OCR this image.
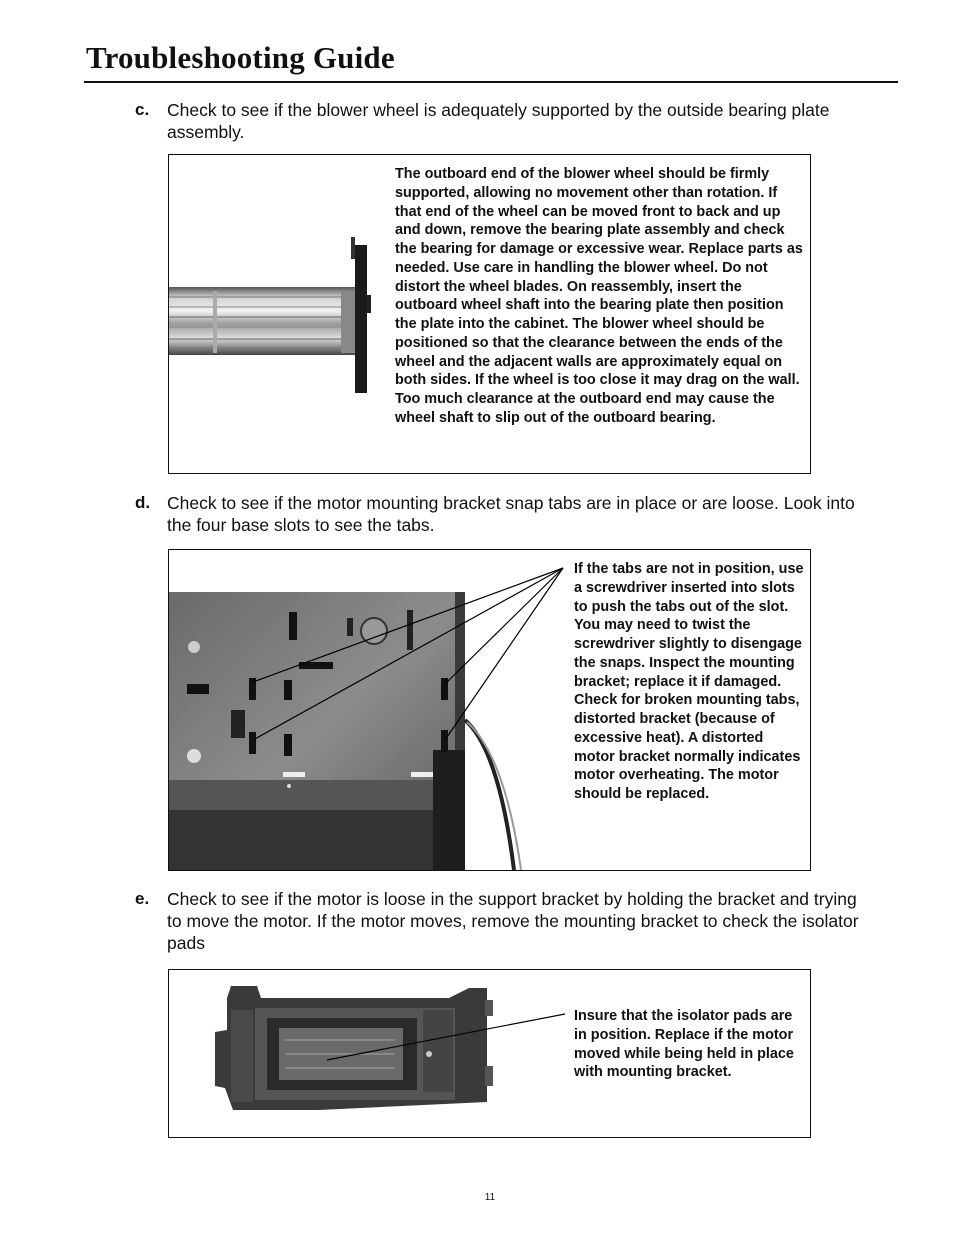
Troubleshooting Guide
c. Check to see if the blower wheel is adequately supported by the outside bearing plate assembly.
The outboard end of the blower wheel should be firmly supported, allowing no movement other than rotation. If that end of the wheel can be moved front to back and up and down, remove the bearing plate assembly and check the bearing for damage or excessive wear. Replace parts as needed. Use care in handling the blower wheel. Do not distort the wheel blades. On reassembly, insert the outboard wheel shaft into the bearing plate then position the plate into the cabinet. The blower wheel should be positioned so that the clearance between the ends of the wheel and the adjacent walls are approximately equal on both sides. If the wheel is too close it may drag on the wall. Too much clearance at the outboard end may cause the wheel shaft to slip out of the outboard bearing.
d. Check to see if the motor mounting bracket snap tabs are in place or are loose. Look into the four base slots to see the tabs.
If the tabs are not in position, use a screwdriver inserted into slots to push the tabs out of the slot. You may need to twist the screwdriver slightly to disengage the snaps. Inspect the mounting bracket; replace it if damaged. Check for broken mounting tabs, distorted bracket (because of excessive heat). A distorted motor bracket normally indicates motor overheating. The motor should be replaced.
e. Check to see if the motor is loose in the support bracket by holding the bracket and trying to move the motor. If the motor moves, remove the mounting bracket to check the isolator pads
Insure that the isolator pads are in position. Replace if the motor moved while being held in place with mounting bracket.
11
